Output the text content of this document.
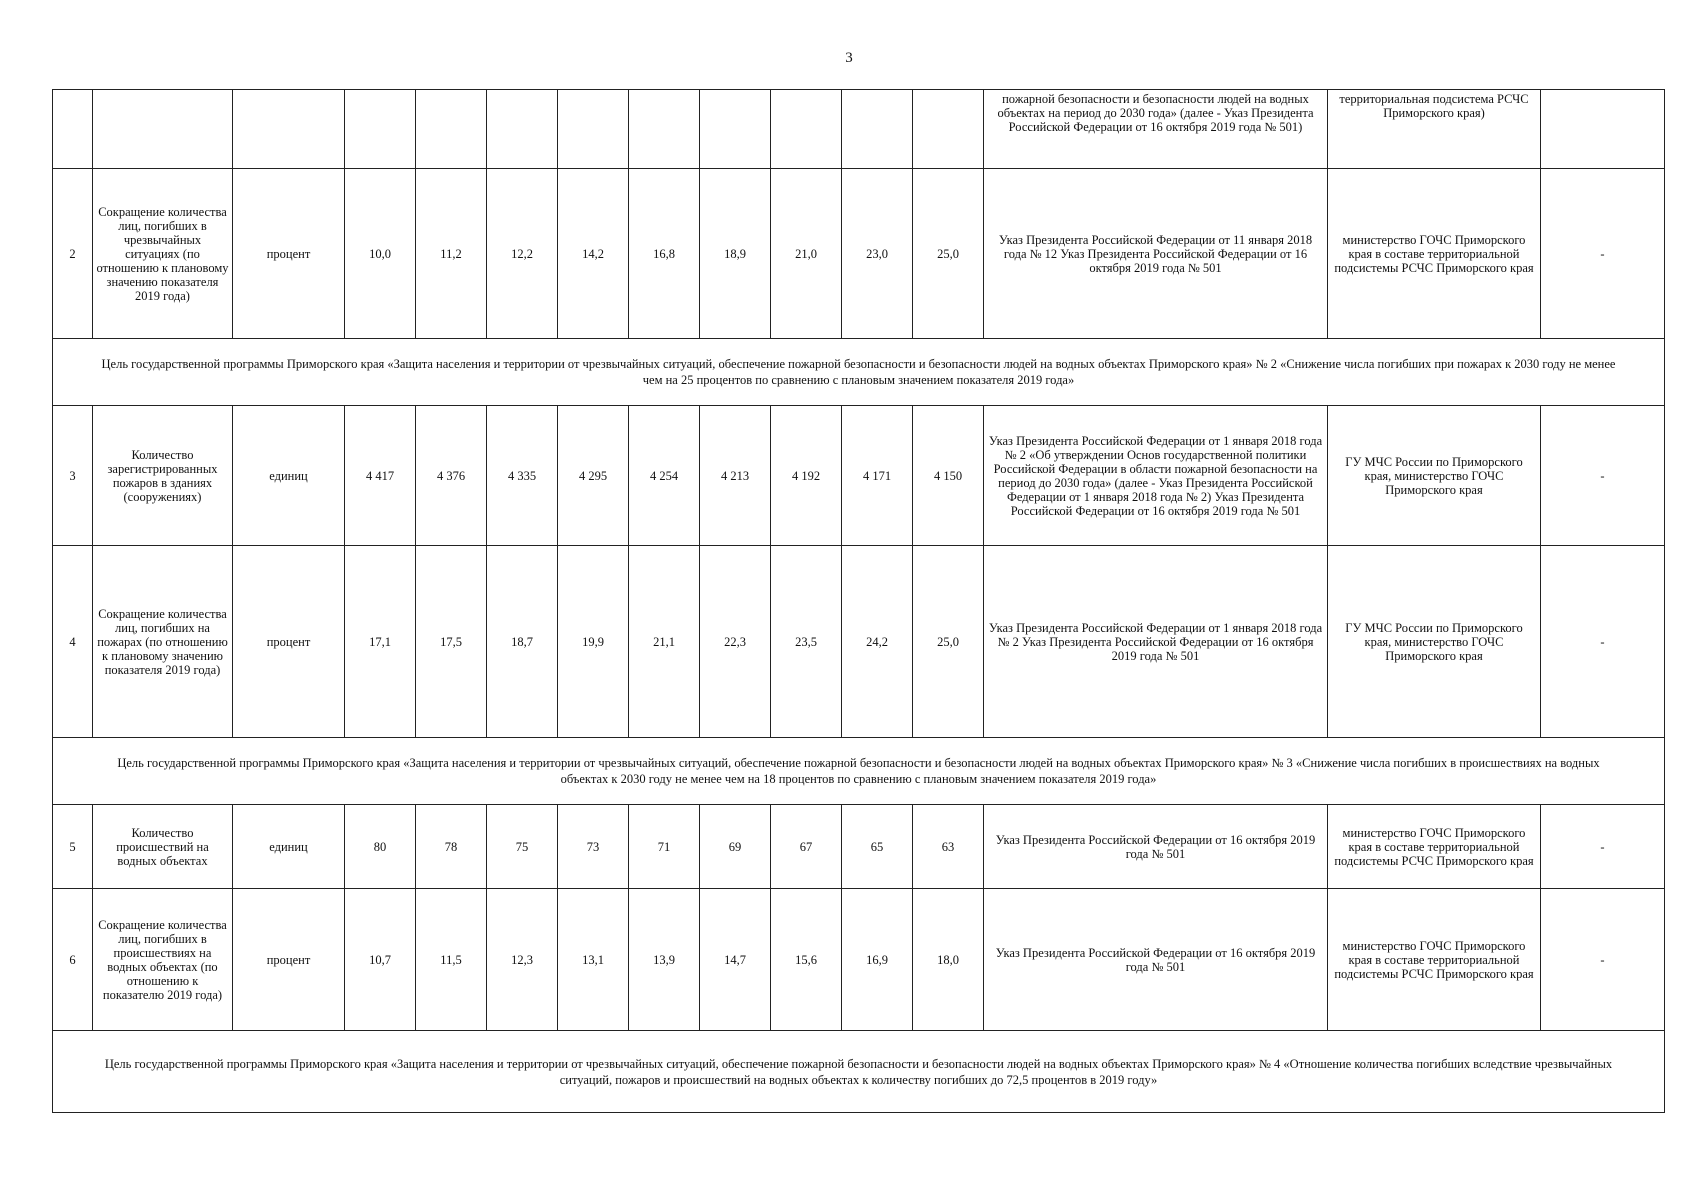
3
												пожарной безопасности и безопасности людей на водных объектах на период до 2030 года» (далее - Указ Президента Российской Федерации от 16 октября 2019 года № 501)	территориальная подсистема РСЧС Приморского края)	
2	Сокращение количества лиц, погибших в чрезвычайных ситуациях (по отношению к плановому значению показателя 2019 года)	процент	10,0	11,2	12,2	14,2	16,8	18,9	21,0	23,0	25,0	Указ Президента Российской Федерации от 11 января 2018 года № 12 Указ Президента Российской Федерации от 16 октября 2019 года № 501	министерство ГОЧС Приморского края в составе территориальной подсистемы РСЧС Приморского края	-
Цель государственной программы Приморского края «Защита населения и территории от чрезвычайных ситуаций, обеспечение пожарной безопасности и безопасности людей на водных объектах Приморского края» № 2 «Снижение числа погибших при пожарах к 2030 году не менее чем на 25 процентов по сравнению с плановым значением показателя 2019 года»														
3	Количество зарегистрированных пожаров в зданиях (сооружениях)	единиц	4 417	4 376	4 335	4 295	4 254	4 213	4 192	4 171	4 150	Указ Президента Российской Федерации от 1 января 2018 года № 2 «Об утверждении Основ государственной политики Российской Федерации в области пожарной безопасности на период до 2030 года» (далее - Указ Президента Российской Федерации от 1 января 2018 года № 2) Указ Президента Российской Федерации от 16 октября 2019 года № 501	ГУ МЧС России по Приморского края, министерство ГОЧС Приморского края	-
4	Сокращение количества лиц, погибших на пожарах (по отношению к плановому значению показателя 2019 года)	процент	17,1	17,5	18,7	19,9	21,1	22,3	23,5	24,2	25,0	Указ Президента Российской Федерации от 1 января 2018 года № 2 Указ Президента Российской Федерации от 16 октября 2019 года № 501	ГУ МЧС России по Приморского края, министерство ГОЧС Приморского края	-
Цель государственной программы Приморского края «Защита населения и территории от чрезвычайных ситуаций, обеспечение пожарной безопасности и безопасности людей на водных объектах Приморского края» № 3 «Снижение числа погибших в происшествиях на водных объектах к 2030 году не менее чем на 18 процентов по сравнению с плановым значением показателя 2019 года»														
5	Количество происшествий на водных объектах	единиц	80	78	75	73	71	69	67	65	63	Указ Президента Российской Федерации от 16 октября 2019 года № 501	министерство ГОЧС Приморского края в составе территориальной подсистемы РСЧС Приморского края	-
6	Сокращение количества лиц, погибших в происшествиях на водных объектах (по отношению к показателю 2019 года)	процент	10,7	11,5	12,3	13,1	13,9	14,7	15,6	16,9	18,0	Указ Президента Российской Федерации от 16 октября 2019 года № 501	министерство ГОЧС Приморского края в составе территориальной подсистемы РСЧС Приморского края	-
Цель государственной программы Приморского края «Защита населения и территории от чрезвычайных ситуаций, обеспечение пожарной безопасности и безопасности людей на водных объектах Приморского края» № 4 «Отношение количества погибших вследствие чрезвычайных ситуаций, пожаров и происшествий на водных объектах к количеству погибших до 72,5 процентов в 2019 году»														
